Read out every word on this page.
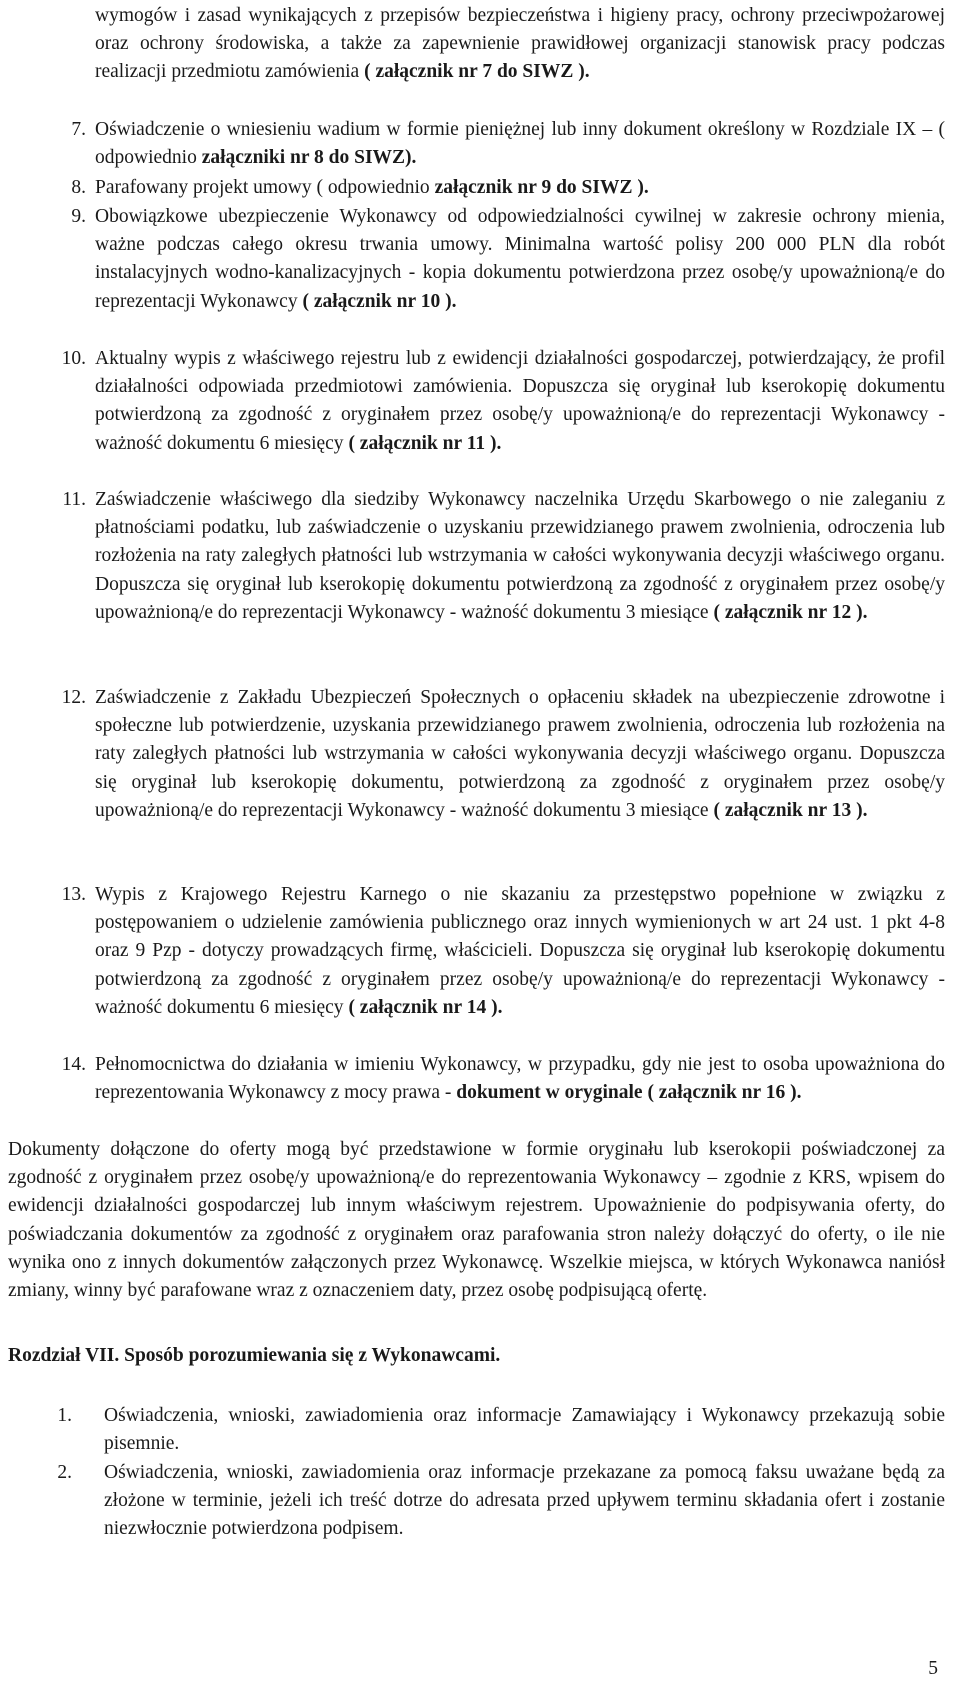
wymogów i zasad wynikających z przepisów bezpieczeństwa i higieny pracy, ochrony przeciwpożarowej oraz ochrony środowiska, a także za zapewnienie prawidłowej organizacji stanowisk pracy podczas realizacji przedmiotu zamówienia ( załącznik nr 7 do SIWZ ).
7. Oświadczenie o wniesieniu wadium w formie pieniężnej lub inny dokument określony w Rozdziale IX – ( odpowiednio załączniki nr 8 do SIWZ).
8. Parafowany projekt umowy ( odpowiednio załącznik nr 9 do SIWZ ).
9. Obowiązkowe ubezpieczenie Wykonawcy od odpowiedzialności cywilnej w zakresie ochrony mienia, ważne podczas całego okresu trwania umowy. Minimalna wartość polisy 200 000 PLN dla robót instalacyjnych wodno-kanalizacyjnych - kopia dokumentu potwierdzona przez osobę/y upoważnioną/e do reprezentacji Wykonawcy ( załącznik nr 10 ).
10. Aktualny wypis z właściwego rejestru lub z ewidencji działalności gospodarczej, potwierdzający, że profil działalności odpowiada przedmiotowi zamówienia. Dopuszcza się oryginał lub kserokopię dokumentu potwierdzoną za zgodność z oryginałem przez osobę/y upoważnioną/e do reprezentacji Wykonawcy - ważność dokumentu 6 miesięcy ( załącznik nr 11 ).
11. Zaświadczenie właściwego dla siedziby Wykonawcy naczelnika Urzędu Skarbowego o nie zaleganiu z płatnościami podatku, lub zaświadczenie o uzyskaniu przewidzianego prawem zwolnienia, odroczenia lub rozłożenia na raty zaległych płatności lub wstrzymania w całości wykonywania decyzji właściwego organu. Dopuszcza się oryginał lub kserokopię dokumentu potwierdzoną za zgodność z oryginałem przez osobę/y upoważnioną/e do reprezentacji Wykonawcy - ważność dokumentu 3 miesiące ( załącznik nr 12 ).
12. Zaświadczenie z Zakładu Ubezpieczeń Społecznych o opłaceniu składek na ubezpieczenie zdrowotne i społeczne lub potwierdzenie, uzyskania przewidzianego prawem zwolnienia, odroczenia lub rozłożenia na raty zaległych płatności lub wstrzymania w całości wykonywania decyzji właściwego organu. Dopuszcza się oryginał lub kserokopię dokumentu, potwierdzoną za zgodność z oryginałem przez osobę/y upoważnioną/e do reprezentacji Wykonawcy - ważność dokumentu 3 miesiące ( załącznik nr 13 ).
13. Wypis z Krajowego Rejestru Karnego o nie skazaniu za przestępstwo popełnione w związku z postępowaniem o udzielenie zamówienia publicznego oraz innych wymienionych w art 24 ust. 1 pkt 4-8 oraz 9 Pzp - dotyczy prowadzących firmę, właścicieli. Dopuszcza się oryginał lub kserokopię dokumentu potwierdzoną za zgodność z oryginałem przez osobę/y upoważnioną/e do reprezentacji Wykonawcy - ważność dokumentu 6 miesięcy ( załącznik nr 14 ).
14. Pełnomocnictwa do działania w imieniu Wykonawcy, w przypadku, gdy nie jest to osoba upoważniona do reprezentowania Wykonawcy z mocy prawa - dokument w oryginale ( załącznik nr 16 ).
Dokumenty dołączone do oferty mogą być przedstawione w formie oryginału lub kserokopii poświadczonej za zgodność z oryginałem przez osobę/y upoważnioną/e do reprezentowania Wykonawcy – zgodnie z KRS, wpisem do ewidencji działalności gospodarczej lub innym właściwym rejestrem. Upoważnienie do podpisywania oferty, do poświadczania dokumentów za zgodność z oryginałem oraz parafowania stron należy dołączyć do oferty, o ile nie wynika ono z innych dokumentów załączonych przez Wykonawcę. Wszelkie miejsca, w których Wykonawca naniósł zmiany, winny być parafowane wraz z oznaczeniem daty, przez osobę podpisującą ofertę.
Rozdział VII. Sposób porozumiewania się z Wykonawcami.
1. Oświadczenia, wnioski, zawiadomienia oraz informacje Zamawiający i Wykonawcy przekazują sobie pisemnie.
2. Oświadczenia, wnioski, zawiadomienia oraz informacje przekazane za pomocą faksu uważane będą za złożone w terminie, jeżeli ich treść dotrze do adresata przed upływem terminu składania ofert i zostanie niezwłocznie potwierdzona podpisem.
5
